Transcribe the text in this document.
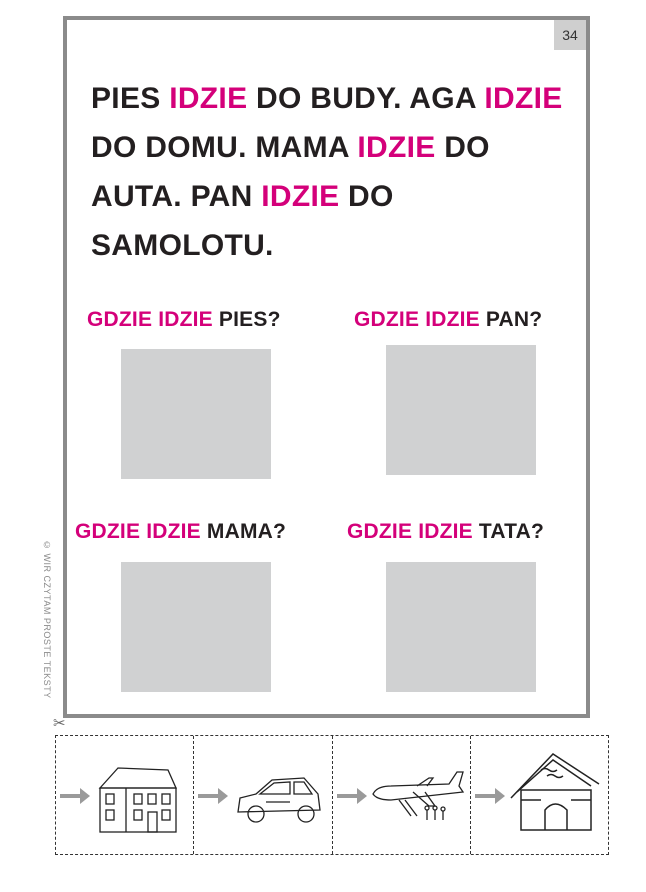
34

PIES IDZIE DO BUDY. AGA IDZIE DO DOMU. MAMA IDZIE DO AUTA. PAN IDZIE DO SAMOLOTU.

GDZIE IDZIE PIES?	GDZIE IDZIE PAN?
GDZIE IDZIE MAMA?	GDZIE IDZIE TATA?
© WIR CZYTAM PROSTE TEKSTY
✂
